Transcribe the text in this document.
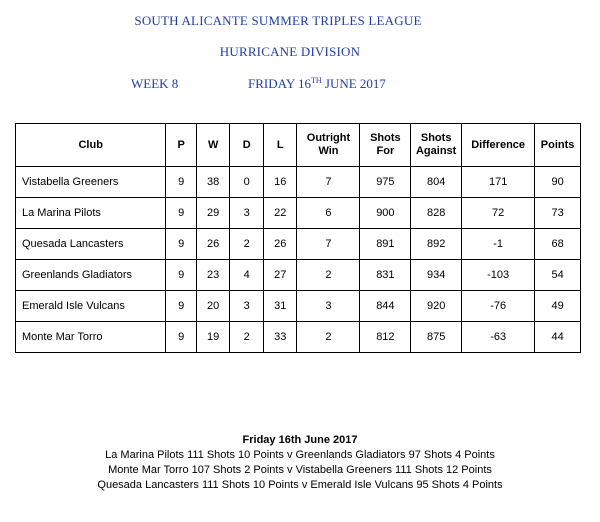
SOUTH ALICANTE SUMMER TRIPLES LEAGUE
HURRICANE DIVISION
WEEK 8	FRIDAY 16TH JUNE 2017
Club	P	W	D	L	Outright Win	Shots For	Shots Against	Difference	Points
Vistabella Greeners	9	38	0	16	7	975	804	171	90
La Marina Pilots	9	29	3	22	6	900	828	72	73
Quesada Lancasters	9	26	2	26	7	891	892	-1	68
Greenlands Gladiators	9	23	4	27	2	831	934	-103	54
Emerald Isle Vulcans	9	20	3	31	3	844	920	-76	49
Monte Mar Torro	9	19	2	33	2	812	875	-63	44
Friday 16th June 2017
La Marina Pilots 111 Shots 10 Points v Greenlands Gladiators 97 Shots 4 Points
Monte Mar Torro 107 Shots 2 Points v Vistabella Greeners 111 Shots 12 Points
Quesada Lancasters 111 Shots 10 Points v Emerald Isle Vulcans 95 Shots 4 Points
